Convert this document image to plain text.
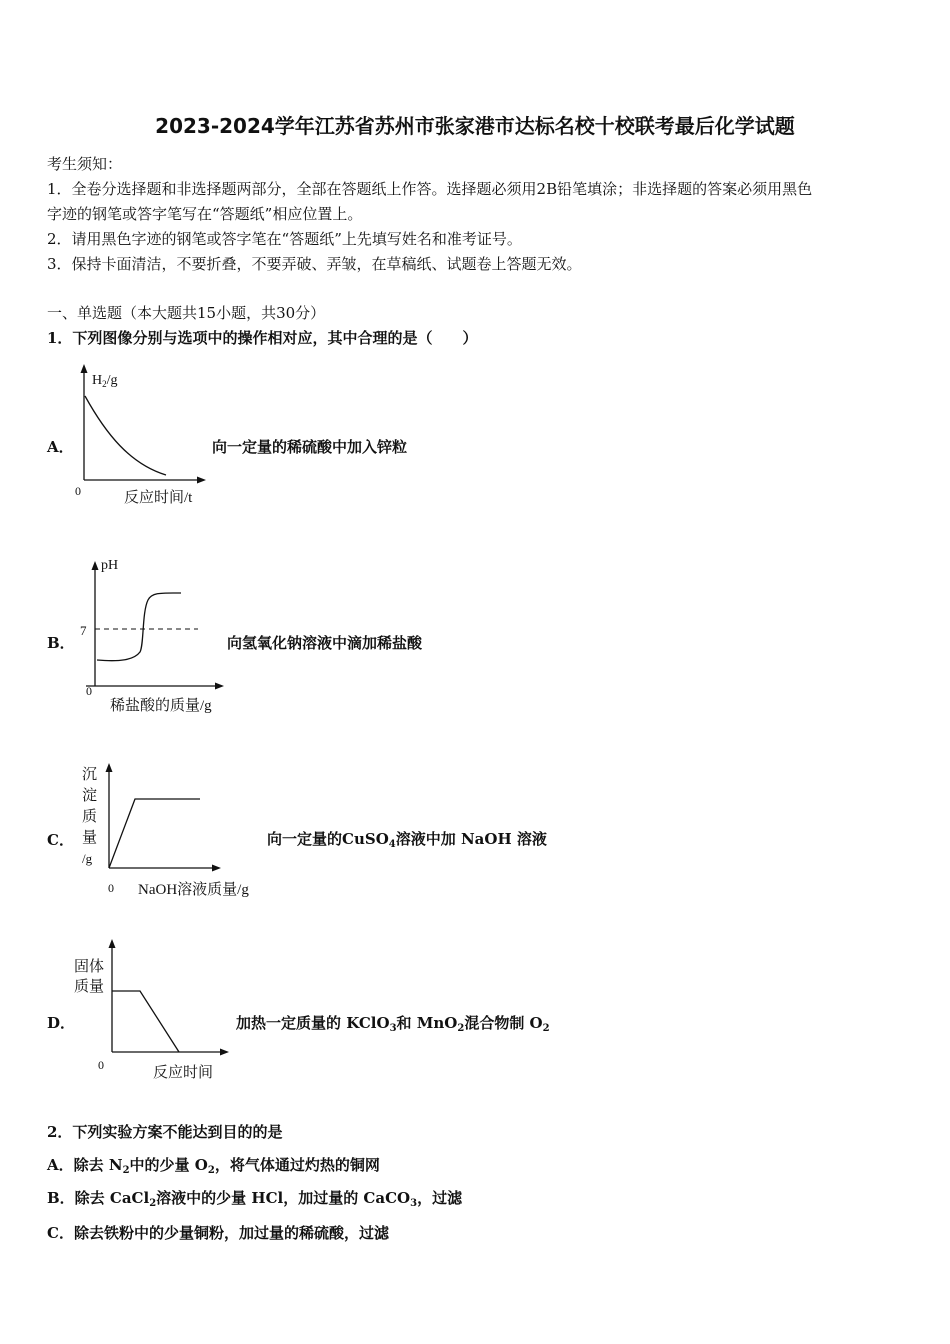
2023-2024学年江苏省苏州市张家港市达标名校十校联考最后化学试题
考生须知：
1．全卷分选择题和非选择题两部分，全部在答题纸上作答。选择题必须用2B铅笔填涂；非选择题的答案必须用黑色
字迹的钢笔或答字笔写在“答题纸”相应位置上。
2．请用黑色字迹的钢笔或答字笔在“答题纸”上先填写姓名和准考证号。
3．保持卡面清洁，不要折叠，不要弄破、弄皱，在草稿纸、试题卷上答题无效。
一、单选题（本大题共15小题，共30分）
1．下列图像分别与选项中的操作相对应，其中合理的是（　　）
A．
$H_2/g$
0	反应时间/t
向一定量的稀硫酸中加入锌粒
B．
pH
7
0
稀盐酸的质量/g
向氢氧化钠溶液中滴加稀盐酸
C．
沉
淀
质
量
/g
0 NaOH溶液质量/g
向一定量的CuSO$_4$溶液中加 NaOH 溶液
D．
固体
质量
0	反应时间
加热一定质量的 KClO$_3$和 MnO$_2$混合物制 $O_2$
2．下列实验方案不能达到目的的是
A．除去 $N_2$中的少量 $O_2$，将气体通过灼热的铜网
B．除去 CaCl$_2$溶液中的少量 HCl，加过量的 CaCO$_3$，过滤
C．除去铁粉中的少量铜粉，加过量的稀硫酸，过滤
